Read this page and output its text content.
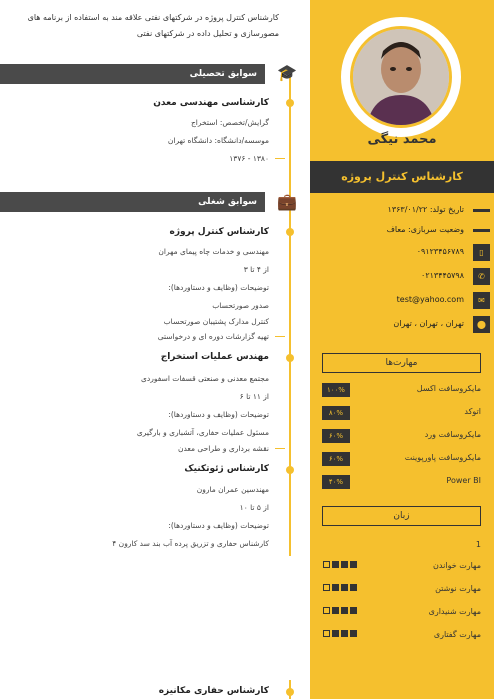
محمد نیگی
کارشناس کنترل پروژه
تاریخ تولد: ۱۳۶۳/۰۱/۲۲
وضعیت سربازی: معاف
▯
۰۹۱۲۳۴۵۶۷۸۹
✆
۰۲۱۳۴۴۵۷۹۸
✉
test@yahoo.com
⬤
تهران ، تهران ، تهران
مهارت‌ها
مایکروسافت اکسل
۱۰۰%
اتوکد
۸۰%
مایکروسافت ورد
۶۰%
مایکروسافت پاورپوینت
۶۰%
Power BI
۴۰%
زبان
1
مهارت خواندن
مهارت نوشتن
مهارت شنیداری
مهارت گفتاری
کارشناس کنترل پروژه در شرکتهای نفتی علاقه مند به استفاده از برنامه های مصورسازی و تحلیل داده در شرکتهای نفتی
🎓
سوابق تحصیلی
کارشناسی مهندسی معدن
گرایش/تخصص: استخراج
موسسه/دانشگاه: دانشگاه تهران
۱۳۸۰ - ۱۳۷۶
💼
سوابق شغلی
کارشناس کنترل پروژه
مهندسی و خدمات چاه پیمای مهران
از ۴ تا ۳
توضیحات (وظایف و دستاوردها):
صدور صورتحساب
کنترل مدارک پشتیبان صورتحساب
تهیه گزارشات دوره ای و درخواستی
مهندس عملیات استخراج
مجتمع معدنی و صنعتی قسفات اسفوردی
از ۱۱ تا ۶
توضیحات (وظایف و دستاوردها):
مسئول عملیات حفاری، آتشباری و بارگیری
نقشه برداری و طراحی معدن
کارشناس ژئوتکنیک
مهندسین عمران مارون
از ۵ تا ۱۰
توضیحات (وظایف و دستاوردها):
کارشناس حفاری و تزریق پرده آب بند سد کارون ۴
کارشناس حفاری مکانیزه
